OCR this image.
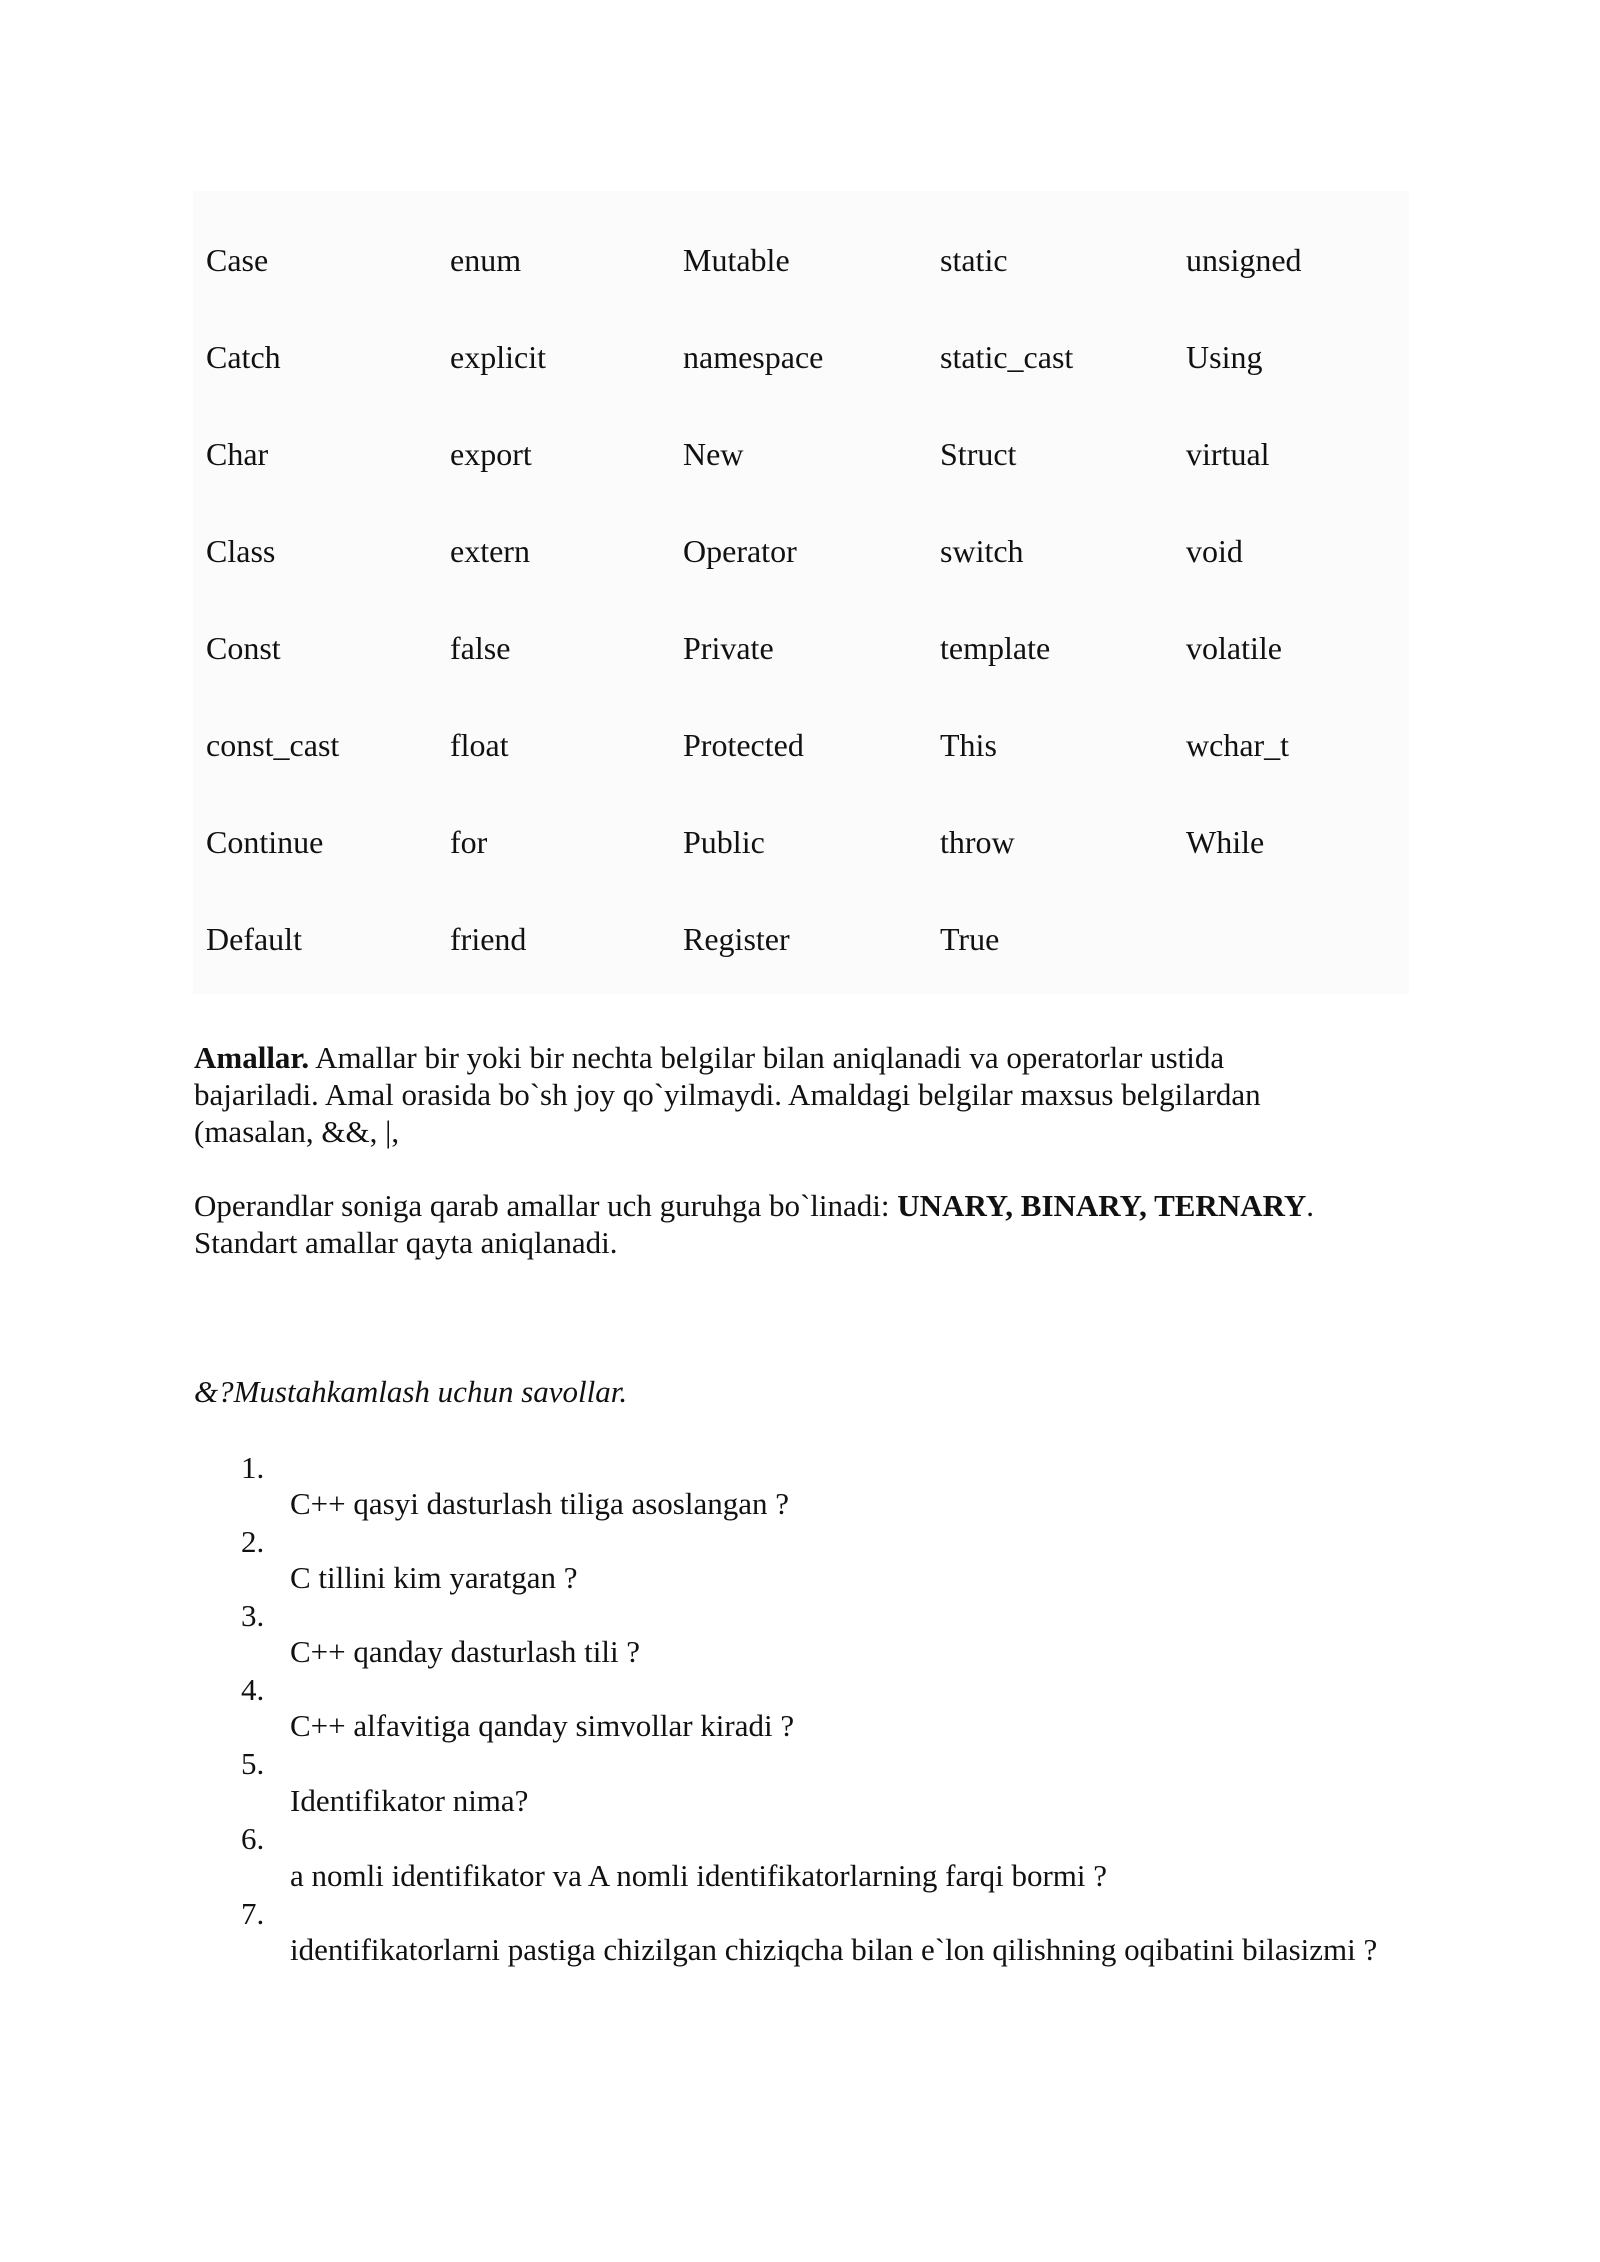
Case	enum	Mutable	static	unsigned
Catch	explicit	namespace	static_cast	Using
Char	export	New	Struct	virtual
Class	extern	Operator	switch	void
Const	false	Private	template	volatile
const_cast	float	Protected	This	wchar_t
Continue	for	Public	throw	While
Default	friend	Register	True
Amallar. Amallar bir yoki bir nechta belgilar bilan aniqlanadi va operatorlar ustida
bajariladi. Amal orasida bo`sh joy qo`yilmaydi. Amaldagi belgilar maxsus belgilardan
(masalan, &&, |,
Operandlar soniga qarab amallar uch guruhga bo`linadi: UNARY, BINARY, TERNARY.
Standart amallar qayta aniqlanadi.
&?Mustahkamlash uchun savollar.
1.
C++ qasyi dasturlash tiliga asoslangan ?
2.
C tillini kim yaratgan ?
3.
C++ qanday dasturlash tili ?
4.
C++ alfavitiga qanday simvollar kiradi ?
5.
Identifikator nima?
6.
a nomli identifikator va A nomli identifikatorlarning farqi bormi ?
7.
identifikatorlarni pastiga chizilgan chiziqcha bilan e`lon qilishning oqibatini bilasizmi ?
